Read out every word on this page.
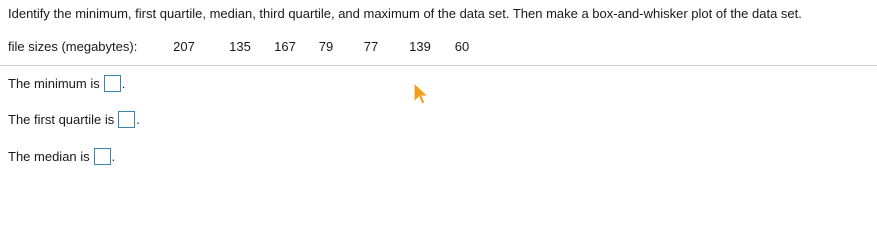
Identify the minimum, first quartile, median, third quartile, and maximum of the data set. Then make a box-and-whisker plot of the data set.
file sizes (megabytes):	207	135	167	79	77	139	60
The minimum is .
The first quartile is .
The median is .
